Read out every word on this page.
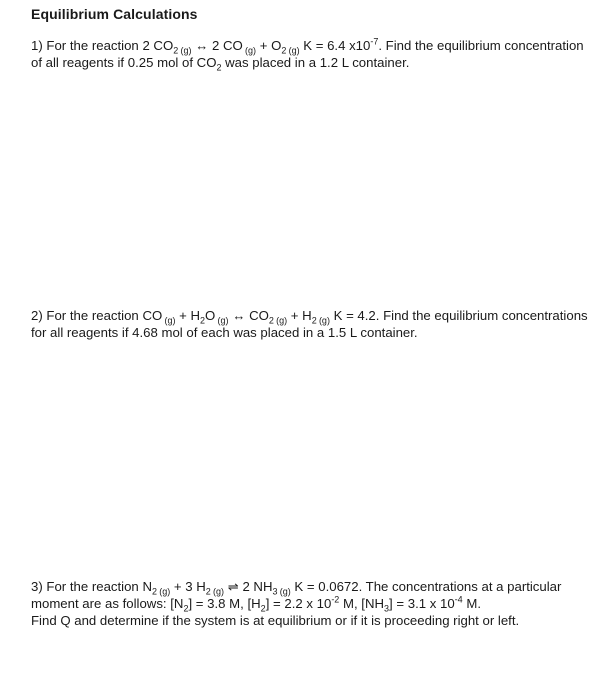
Equilibrium Calculations
1) For the reaction 2 $CO_2$ $_{(g)}$ ↔ 2 CO $_{(g)} + O_2$ $_{(g)}$ K = 6.4 $x10^{-7}$. Find the equilibrium concentration of all reagents if 0.25 mol of $CO_2$ was placed in a 1.2 L container.
2) For the reaction CO $_{(g)} + H_2O$ $_{(g)}$ ↔ $CO_2$ $_{(g)} + H_2$ $_{(g)}$ K = 4.2. Find the equilibrium concentrations for all reagents if 4.68 mol of each was placed in a 1.5 L container.
3) For the reaction $N_2$ $_{(g)}$ + 3 $H_2$ $_{(g)}$ ⇌ 2 $NH_3$ $_{(g)}$ K = 0.0672. The concentrations at a particular moment are as follows: $[N_2] = 3.8$ M, $[H_2] = 2.2$ x $10^{-2}$ M, $[NH_3] = 3.1$ x $10^{-4}$ M.
Find Q and determine if the system is at equilibrium or if it is proceeding right or left.
